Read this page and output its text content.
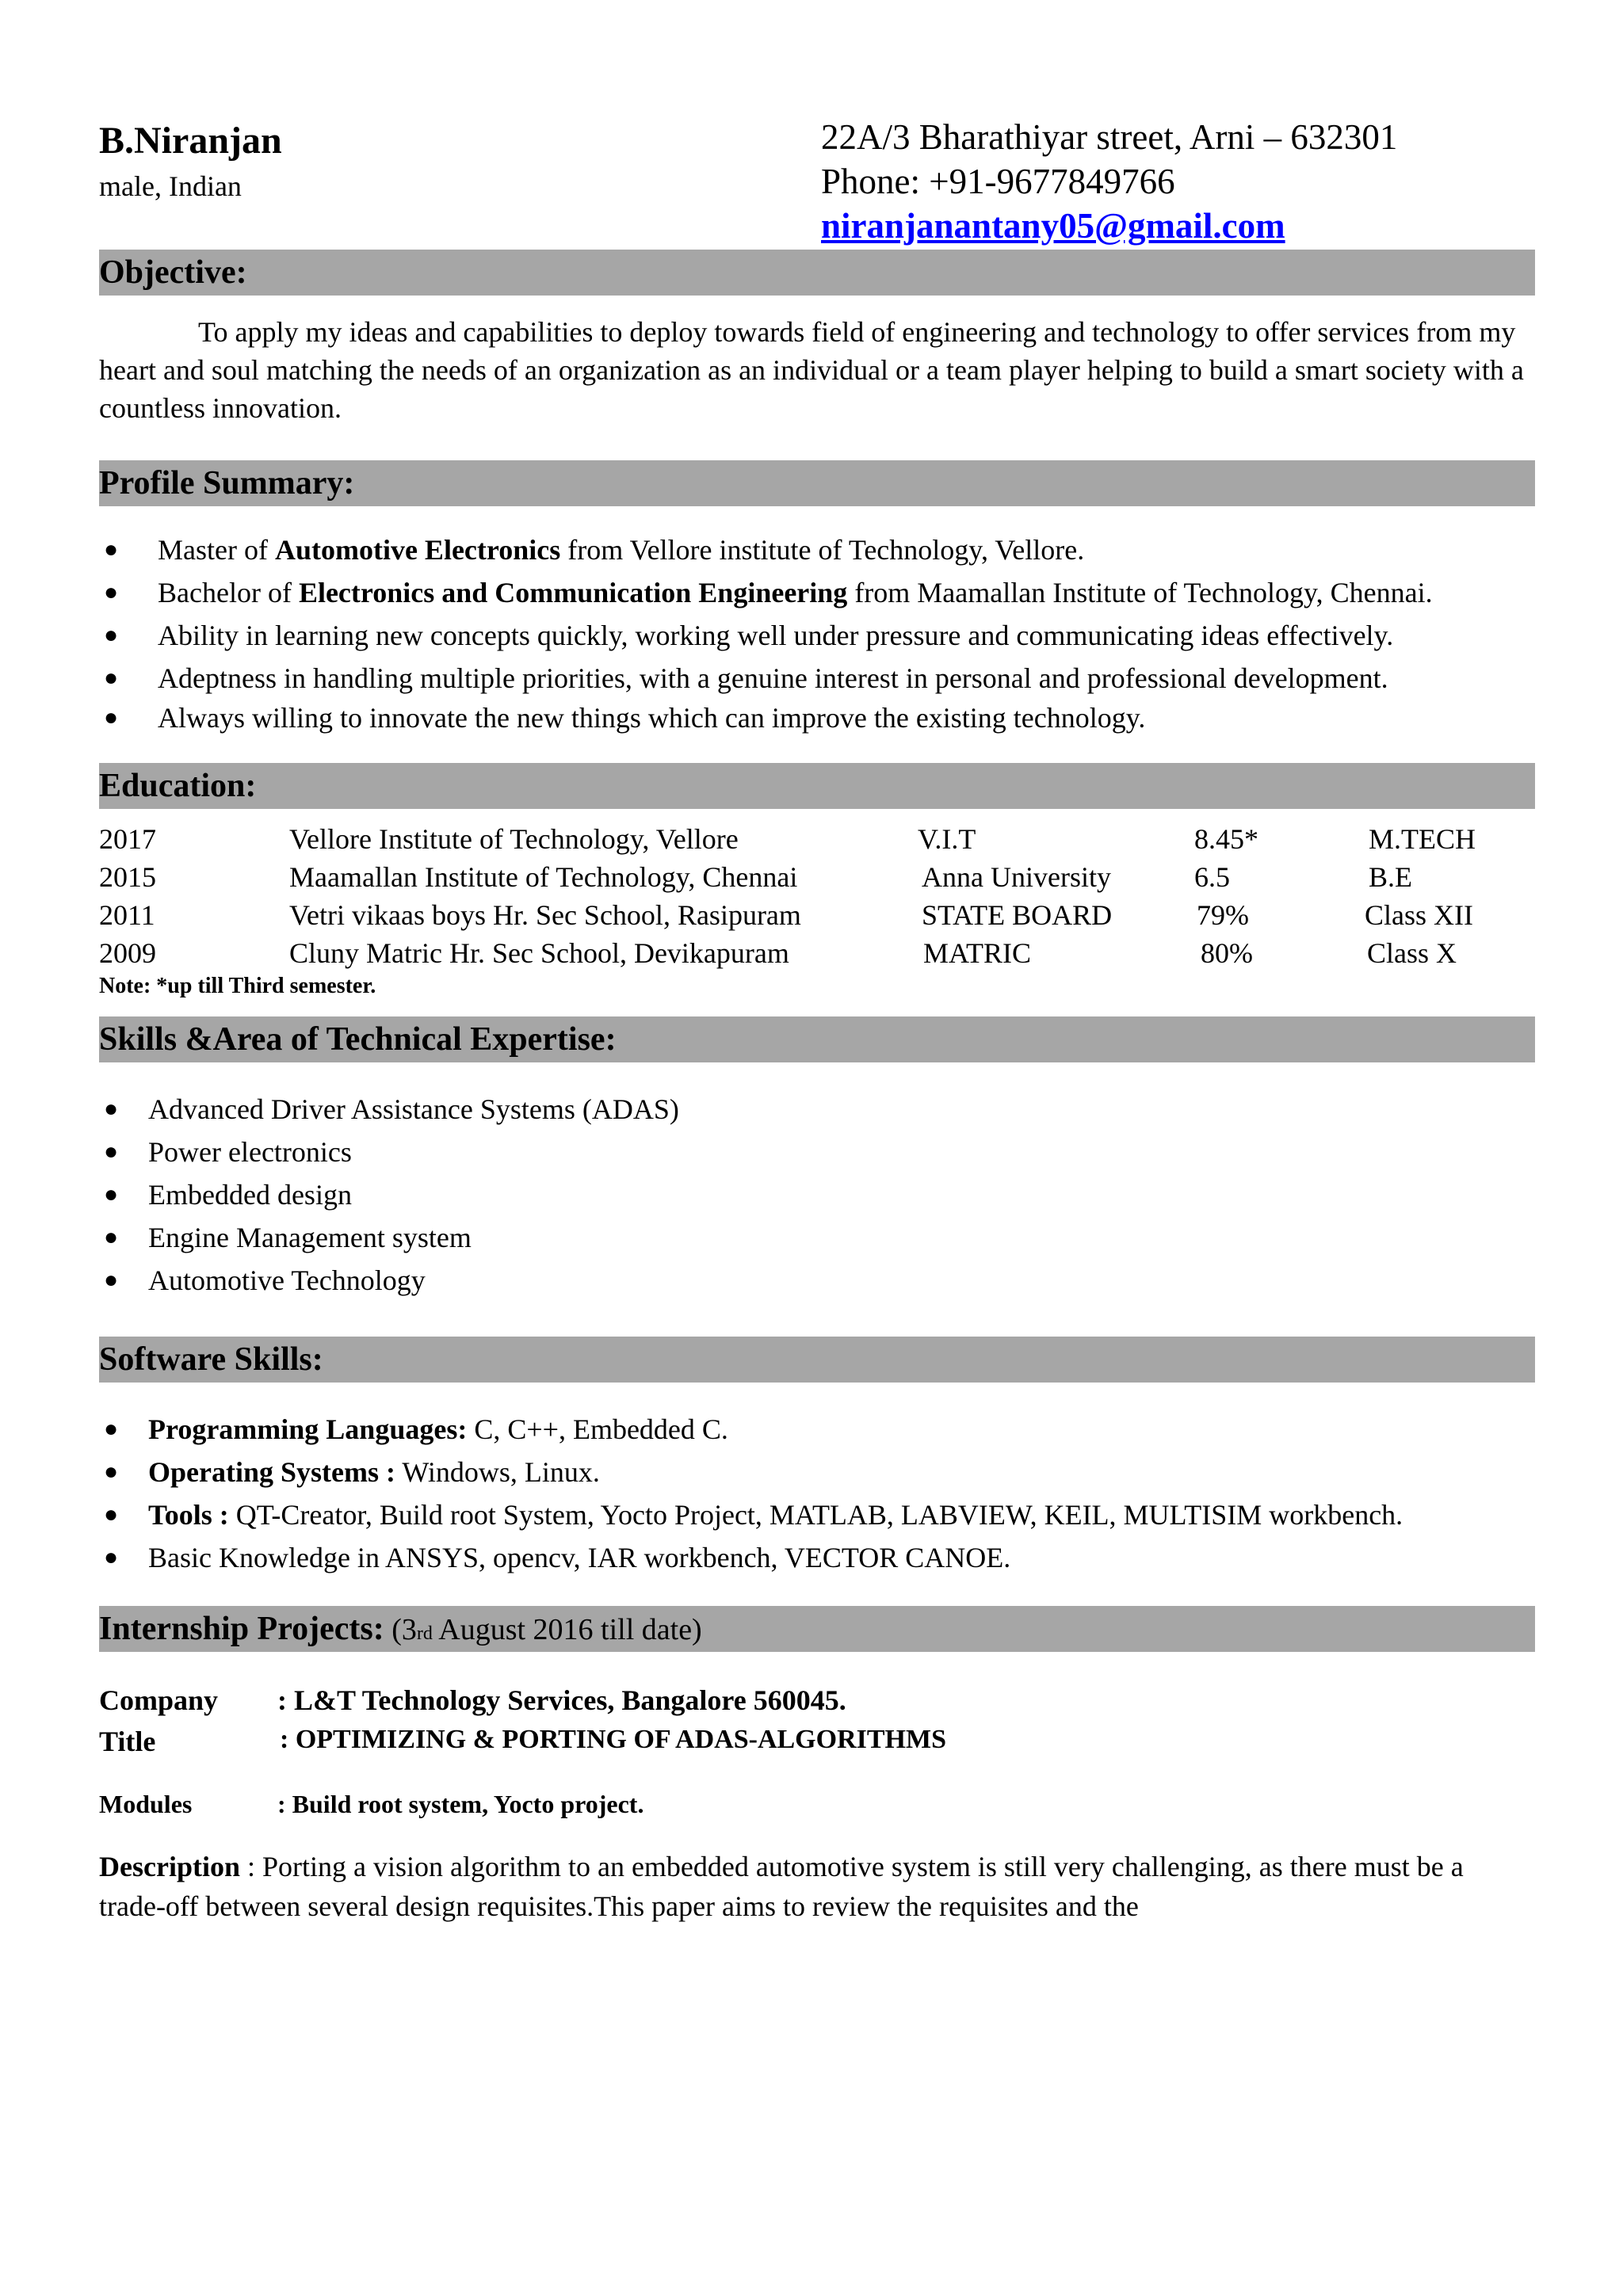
B.Niranjan
male, Indian
22A/3 Bharathiyar street, Arni – 632301
Phone: +91-9677849766
niranjanantany05@gmail.com
Objective:

To apply my ideas and capabilities to deploy towards field of engineering and technology to offer services from my heart and soul matching the needs of an organization as an individual or a team player helping to build a smart society with a countless innovation.

Profile Summary:
● Master of Automotive Electronics from Vellore institute of Technology, Vellore.
● Bachelor of Electronics and Communication Engineering from Maamallan Institute of Technology, Chennai.
● Ability in learning new concepts quickly, working well under pressure and communicating ideas effectively.
● Adeptness in handling multiple priorities, with a genuine interest in personal and professional development.
● Always willing to innovate the new things which can improve the existing technology.
Education:
2017	Vellore Institute of Technology, Vellore	V.I.T	8.45*	M.TECH
2015	Maamallan Institute of Technology, Chennai	Anna University	6.5	B.E
2011	Vetri vikaas boys Hr. Sec School, Rasipuram	STATE BOARD	79%	Class XII
2009	Cluny Matric Hr. Sec School, Devikapuram	MATRIC	80%	Class X
Note: *up till Third semester.
Skills &Area of Technical Expertise:
● Advanced Driver Assistance Systems (ADAS)
● Power electronics
● Embedded design
● Engine Management system
● Automotive Technology
Software Skills:
● Programming Languages: C, C++, Embedded C.
● Operating Systems : Windows, Linux.
● Tools : QT-Creator, Build root System, Yocto Project, MATLAB, LABVIEW, KEIL, MULTISIM workbench.
● Basic Knowledge in ANSYS, opencv, IAR workbench, VECTOR CANOE.
Internship Projects: (3rd August 2016 till date)
Company : L&T Technology Services, Bangalore 560045.
Title	: OPTIMIZING & PORTING OF ADAS-ALGORITHMS
Modules	: Build root system, Yocto project.

Description : Porting a vision algorithm to an embedded automotive system is still very challenging, as there must be a trade-off between several design requisites.This paper aims to review the requisites and the
